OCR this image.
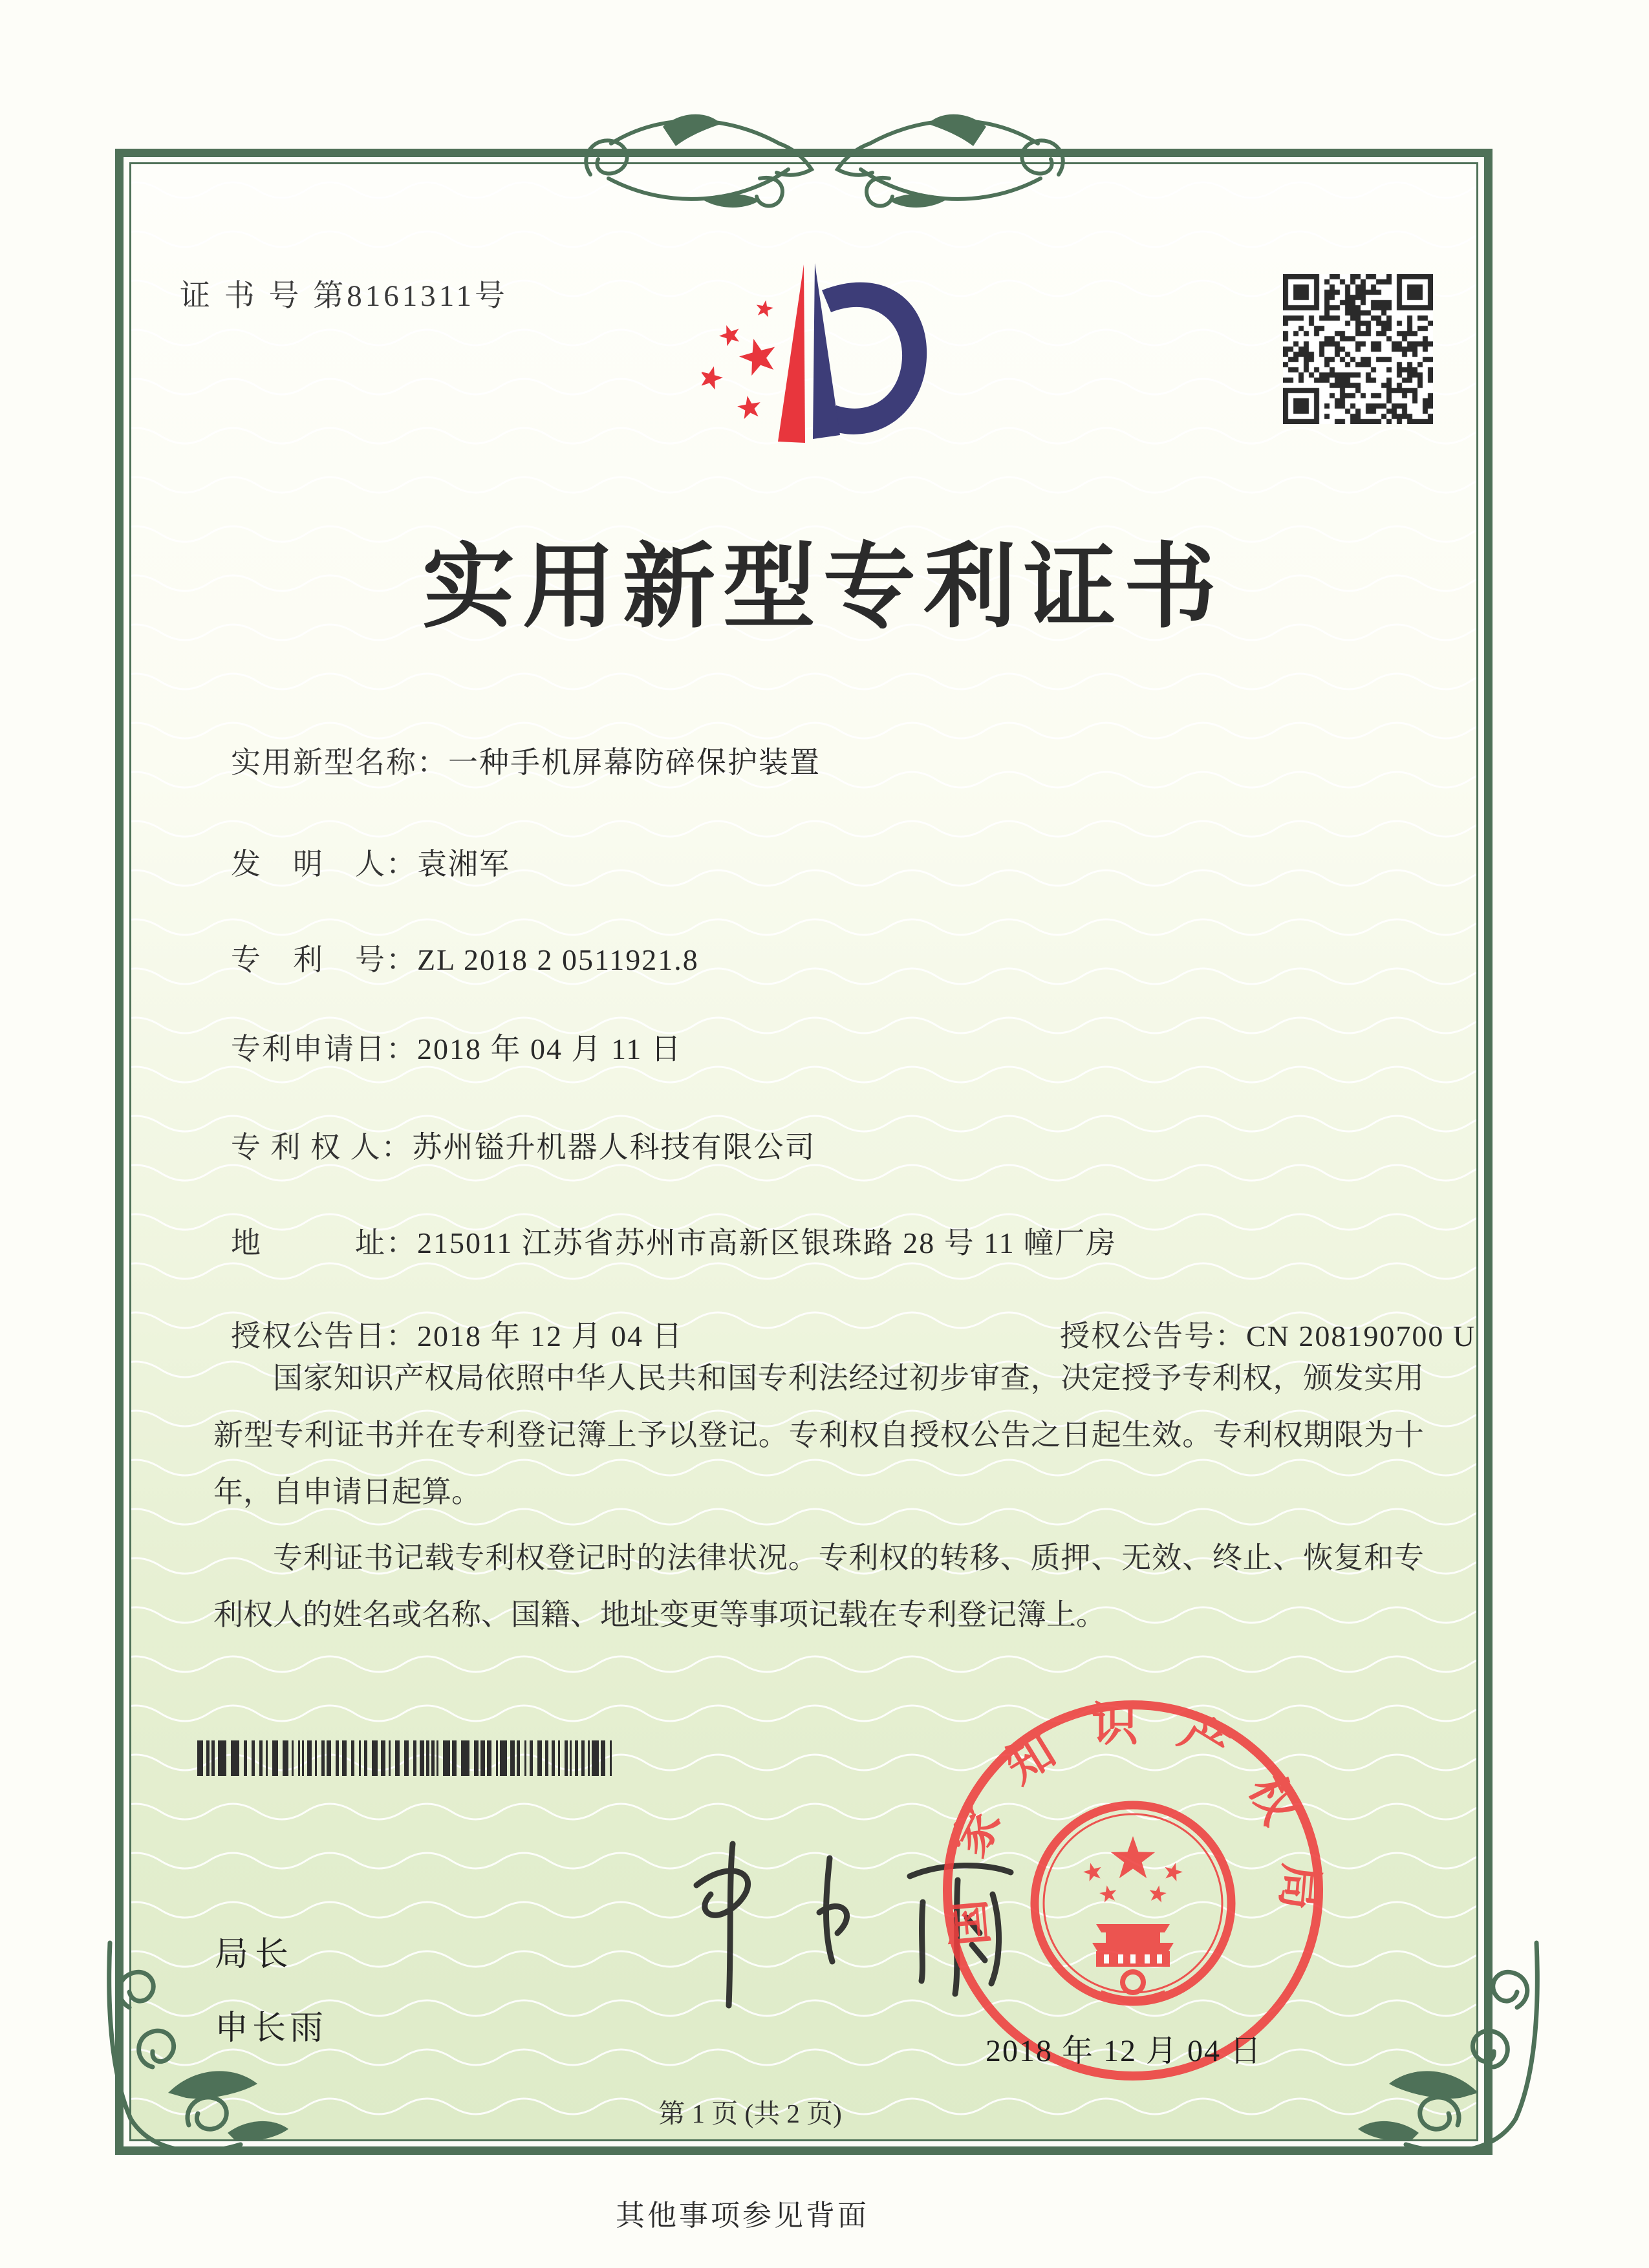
证 书 号 第8161311号
实用新型专利证书

实用新型名称：一种手机屏幕防碎保护装置

发　明　人：袁湘军

专　利　号：ZL 2018 2 0511921.8

专利申请日：2018 年 04 月 11 日

专 利 权 人：苏州镒升机器人科技有限公司

地　　　址：215011 江苏省苏州市高新区银珠路 28 号 11 幢厂房

授权公告日：2018 年 12 月 04 日
	授权公告号：CN 208190700 U

国家知识产权局依照中华人民共和国专利法经过初步审查，决定授予专利权，颁发实用新型专利证书并在专利登记簿上予以登记。专利权自授权公告之日起生效。专利权期限为十年，自申请日起算。

专利证书记载专利权登记时的法律状况。专利权的转移、质押、无效、终止、恢复和专利权人的姓名或名称、国籍、地址变更等事项记载在专利登记簿上。

局长
申长雨
国家知识产权局
2018 年 12 月 04 日
第 1 页 (共 2 页)
其他事项参见背面
